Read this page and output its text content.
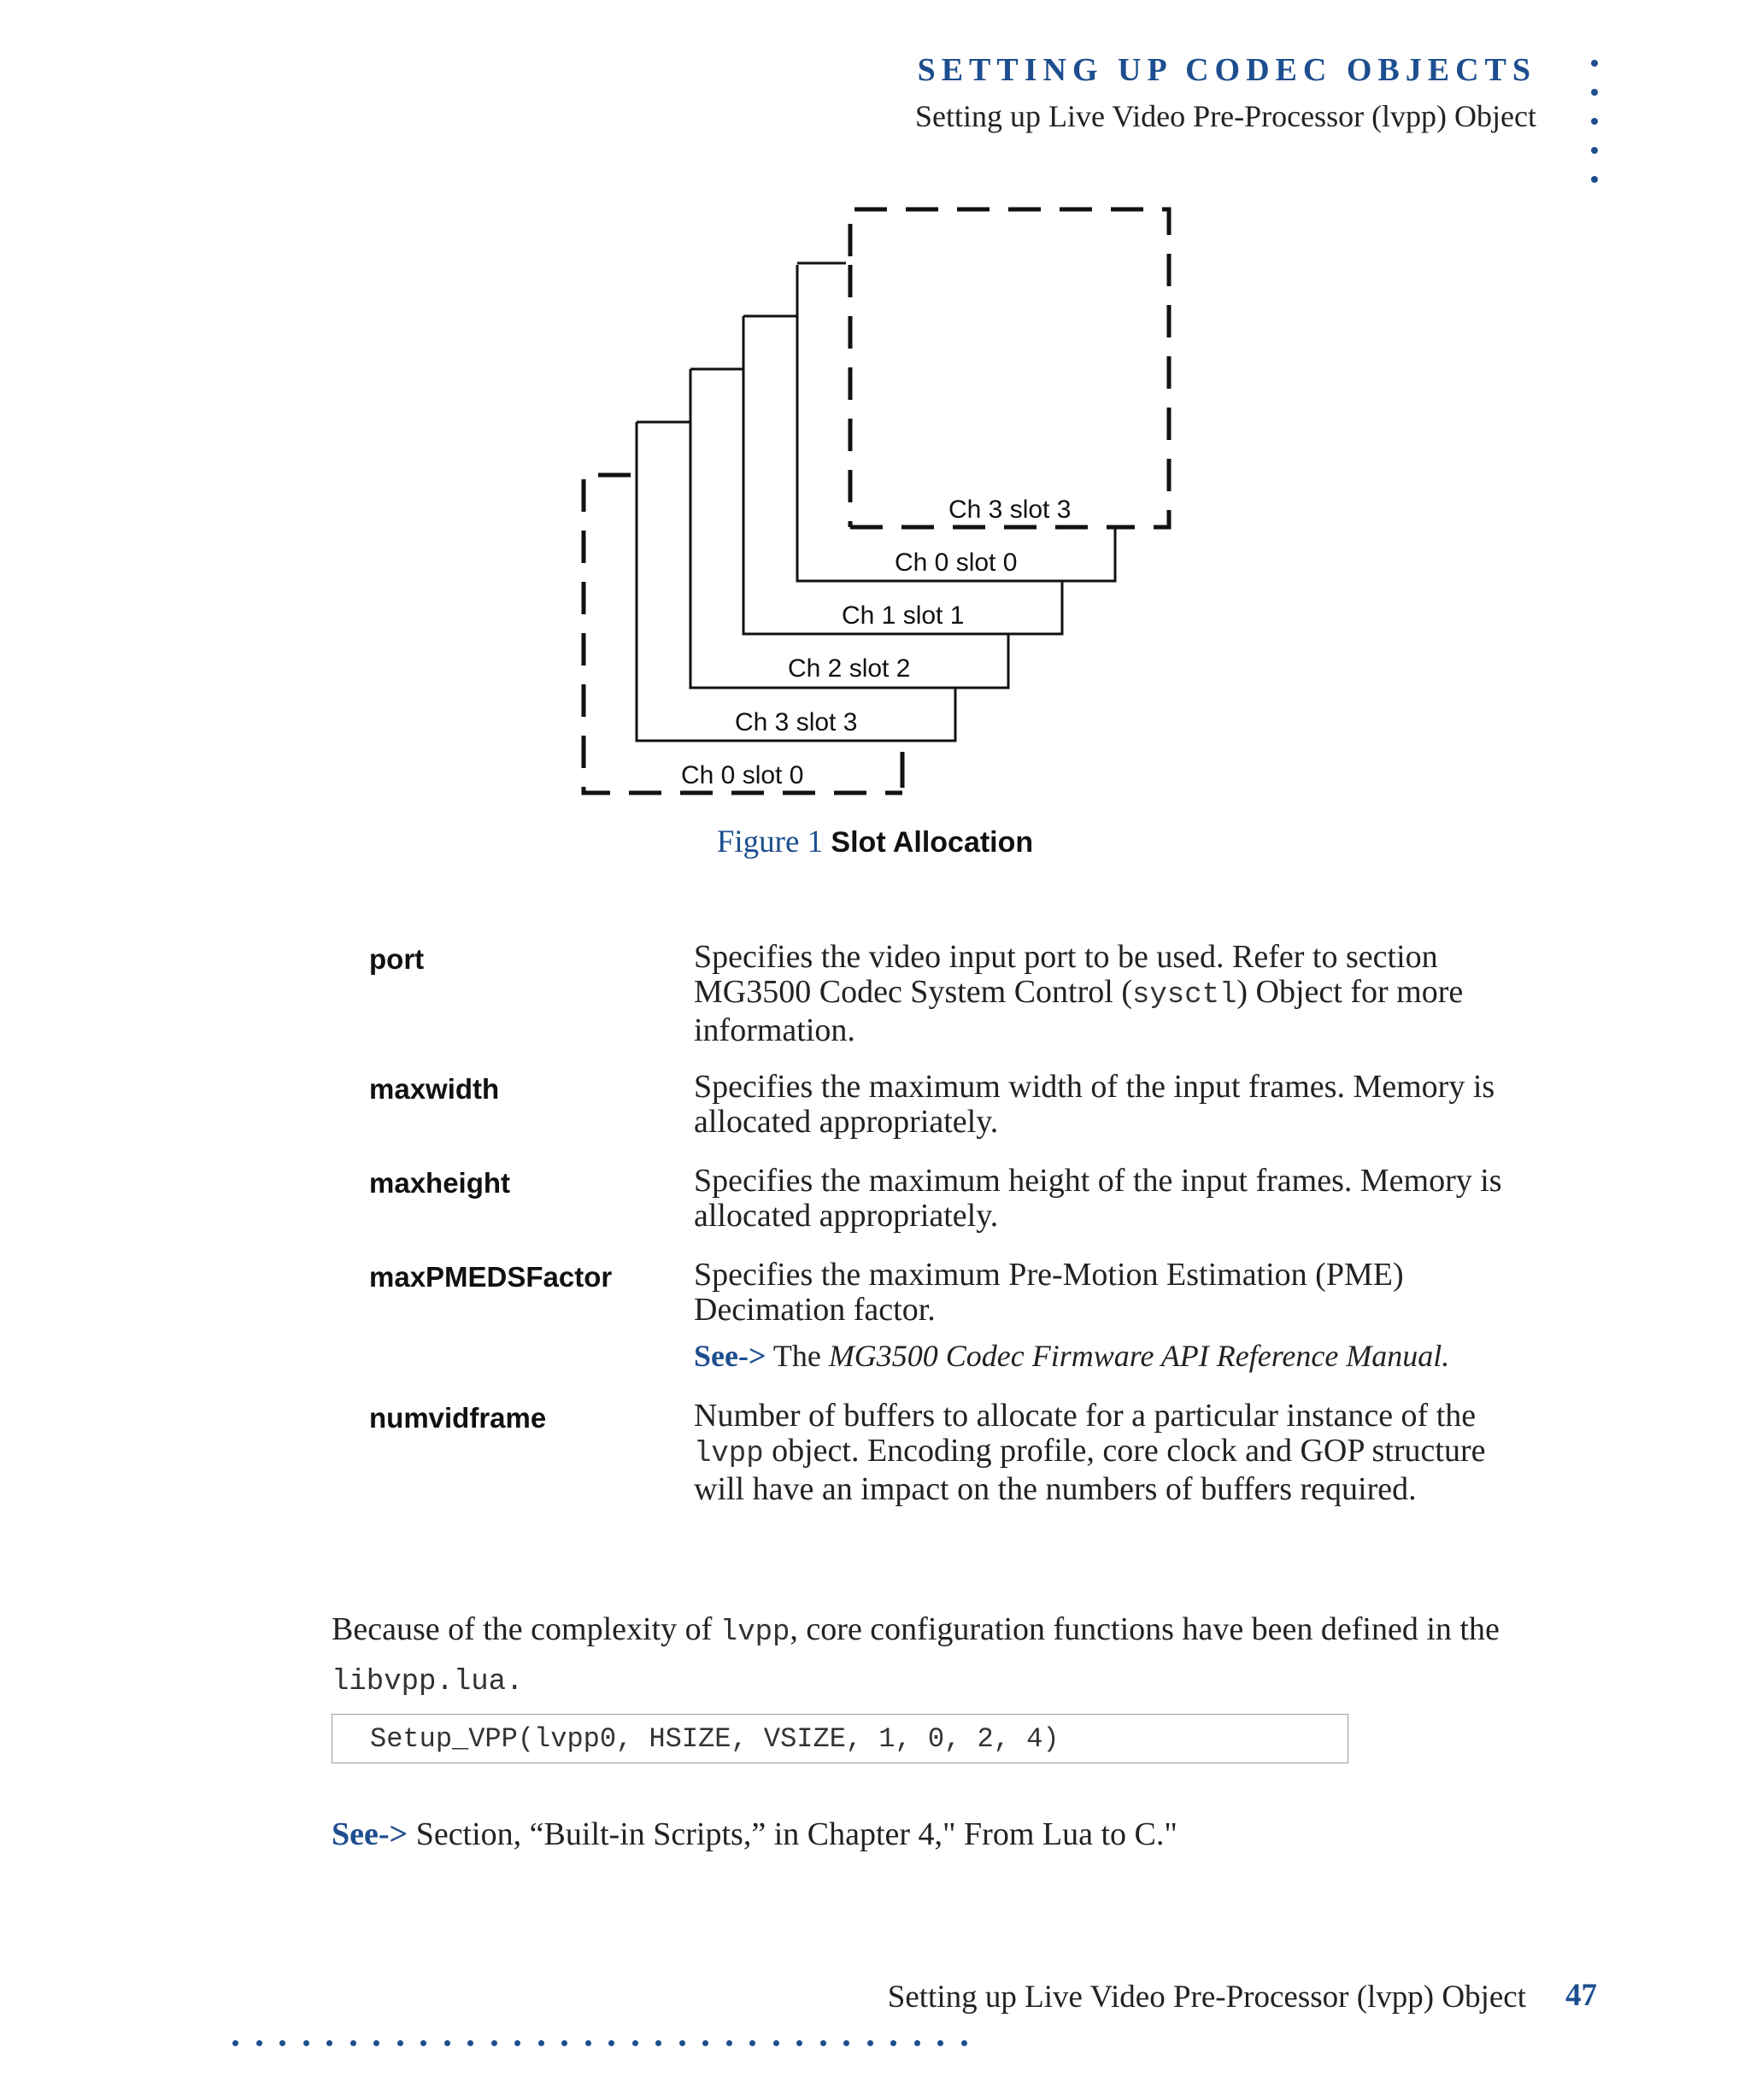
SETTING UP CODEC OBJECTS
Setting up Live Video Pre-Processor (lvpp) Object
Ch 3 slot 3
Ch 0 slot 0
Ch 1 slot 1
Ch 2 slot 2
Ch 3 slot 3
Ch 0 slot 0
Figure 1 Slot Allocation
port	Specifies the video input port to be used. Refer to section MG3500 Codec System Control (sysctl) Object for more information.
maxwidth	Specifies the maximum width of the input frames. Memory is allocated appropriately.
maxheight	Specifies the maximum height of the input frames. Memory is allocated appropriately.
maxPMEDSFactor	Specifies the maximum Pre-Motion Estimation (PME) Decimation factor.
See-> The MG3500 Codec Firmware API Reference Manual.
numvidframe	Number of buffers to allocate for a particular instance of the lvpp object. Encoding profile, core clock and GOP structure will have an impact on the numbers of buffers required.
Because of the complexity of lvpp, core configuration functions have been defined in the libvpp.lua.
Setup_VPP(lvpp0, HSIZE, VSIZE, 1, 0, 2, 4)
See-> Section, “Built-in Scripts,” in Chapter 4," From Lua to C."
Setting up Live Video Pre-Processor (lvpp) Object 47
